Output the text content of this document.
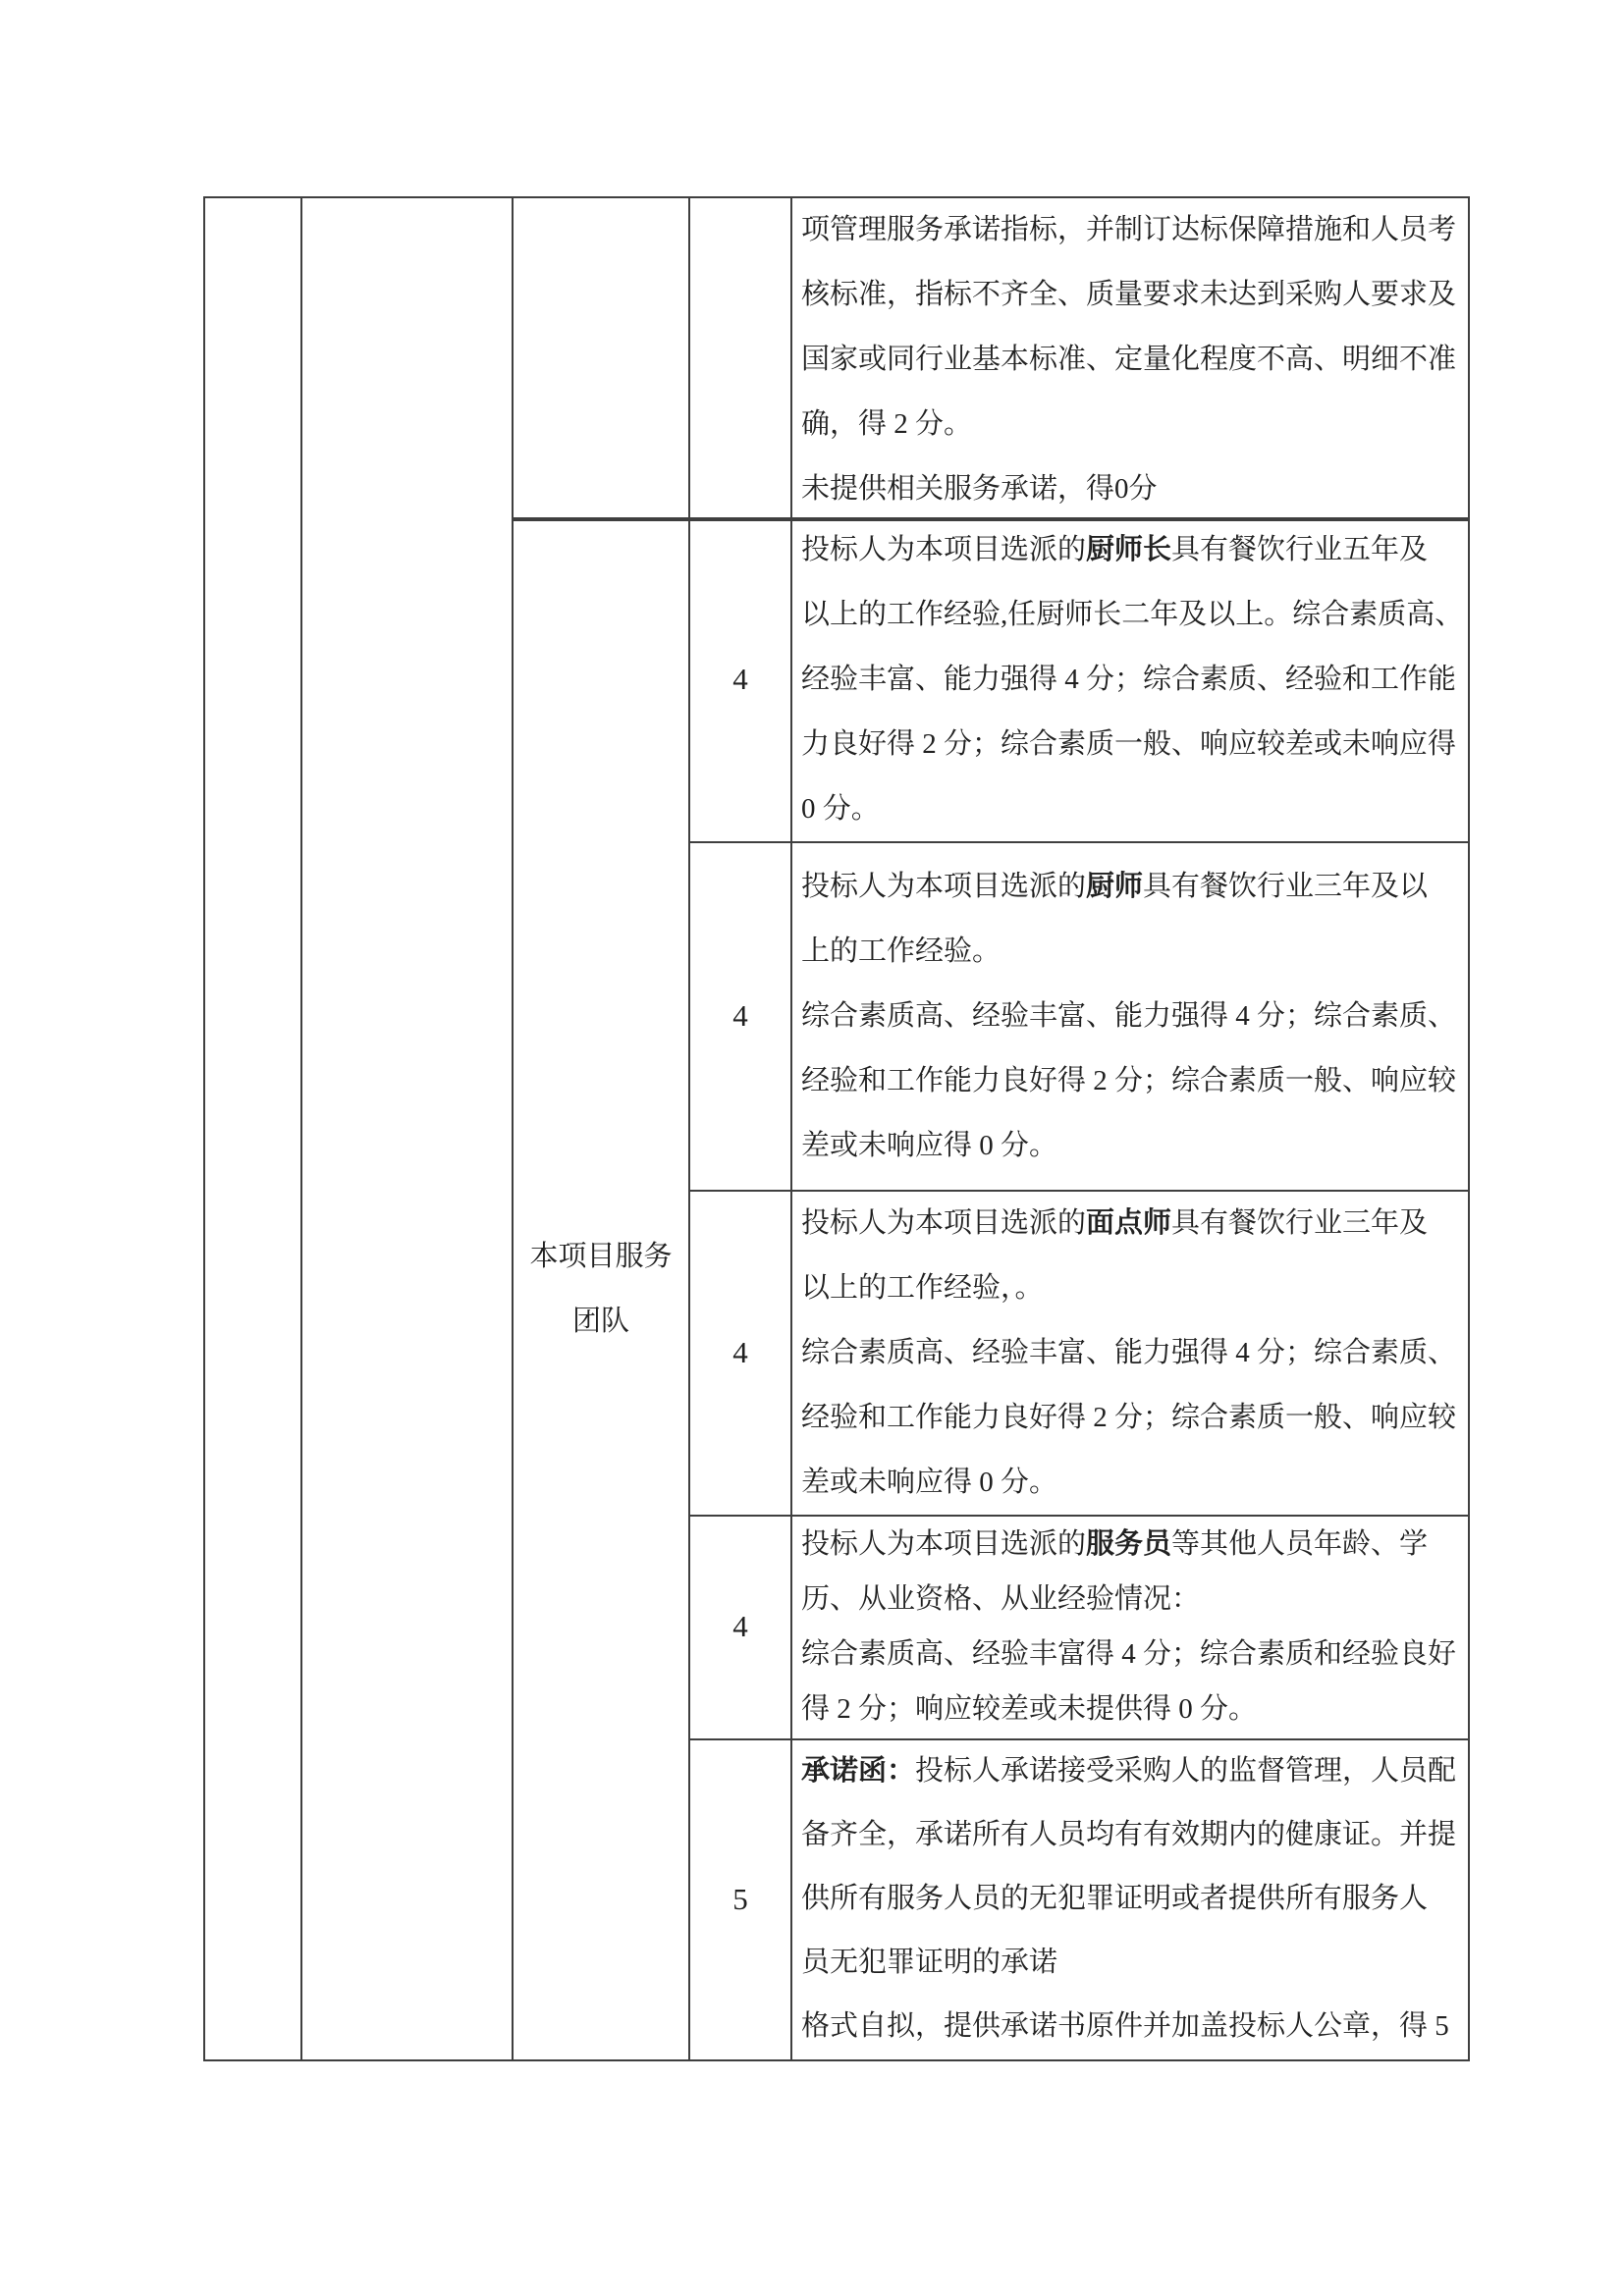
本项目服务
团队
4
4
4
4
5
项管理服务承诺指标，并制订达标保障措施和人员考
核标准，指标不齐全、质量要求未达到采购人要求及
国家或同行业基本标准、定量化程度不高、明细不准
确，得 2 分。
未提供相关服务承诺，得0分
投标人为本项目选派的厨师长具有餐饮行业五年及
以上的工作经验,任厨师长二年及以上。综合素质高、
经验丰富、能力强得 4 分；综合素质、经验和工作能
力良好得 2 分；综合素质一般、响应较差或未响应得
0 分。
投标人为本项目选派的厨师具有餐饮行业三年及以
上的工作经验。
综合素质高、经验丰富、能力强得 4 分；综合素质、
经验和工作能力良好得 2 分；综合素质一般、响应较
差或未响应得 0 分。
投标人为本项目选派的面点师具有餐饮行业三年及
以上的工作经验，。
综合素质高、经验丰富、能力强得 4 分；综合素质、
经验和工作能力良好得 2 分；综合素质一般、响应较
差或未响应得 0 分。
投标人为本项目选派的服务员等其他人员年龄、学
历、从业资格、从业经验情况：
综合素质高、经验丰富得 4 分；综合素质和经验良好
得 2 分；响应较差或未提供得 0 分。
承诺函：投标人承诺接受采购人的监督管理，人员配
备齐全，承诺所有人员均有有效期内的健康证。并提
供所有服务人员的无犯罪证明或者提供所有服务人
员无犯罪证明的承诺
格式自拟，提供承诺书原件并加盖投标人公章，得 5
